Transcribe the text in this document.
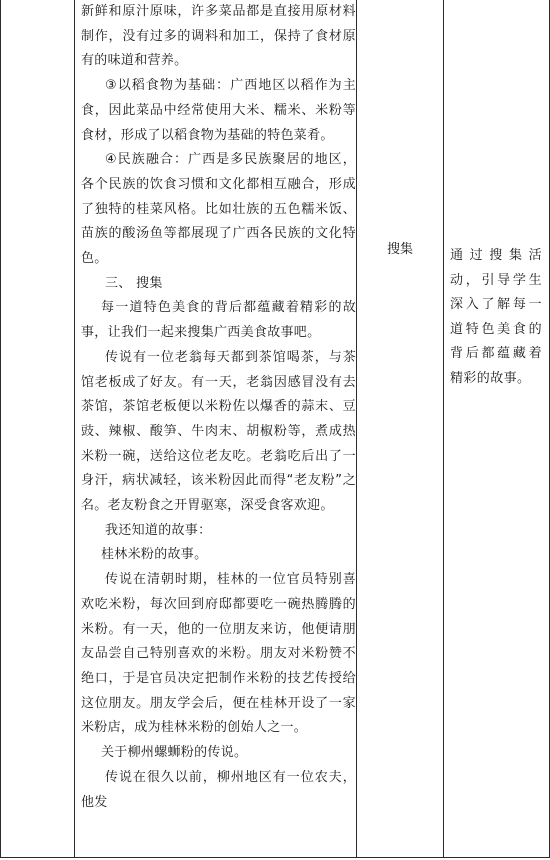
新鲜和原汁原味，许多菜品都是直接用原材料制作，没有过多的调料和加工，保持了食材原有的味道和营养。

③以稻食物为基础：广西地区以稻作为主食，因此菜品中经常使用大米、糯米、米粉等食材，形成了以稻食物为基础的特色菜肴。

④民族融合：广西是多民族聚居的地区，各个民族的饮食习惯和文化都相互融合，形成了独特的桂菜风格。比如壮族的五色糯米饭、苗族的酸汤鱼等都展现了广西各民族的文化特色。

三、 搜集

每一道特色美食的背后都蕴藏着精彩的故事，让我们一起来搜集广西美食故事吧。

传说有一位老翁每天都到茶馆喝茶，与茶馆老板成了好友。有一天，老翁因感冒没有去茶馆，茶馆老板便以米粉佐以爆香的蒜末、豆豉、辣椒、酸笋、牛肉末、胡椒粉等，煮成热米粉一碗，送给这位老友吃。老翁吃后出了一身汗，病状减轻，该米粉因此而得“老友粉”之名。老友粉食之开胃驱寒，深受食客欢迎。

我还知道的故事：

桂林米粉的故事。

传说在清朝时期，桂林的一位官员特别喜欢吃米粉，每次回到府邸都要吃一碗热腾腾的米粉。有一天，他的一位朋友来访，他便请朋友品尝自己特别喜欢的米粉。朋友对米粉赞不绝口，于是官员决定把制作米粉的技艺传授给这位朋友。朋友学会后，便在桂林开设了一家米粉店，成为桂林米粉的创始人之一。

关于柳州螺蛳粉的传说。

传说在很久以前，柳州地区有一位农夫，他发

搜集	通过搜集活动，引导学生深入了解每一道特色美食的背后都蕴藏着精彩的故事。
